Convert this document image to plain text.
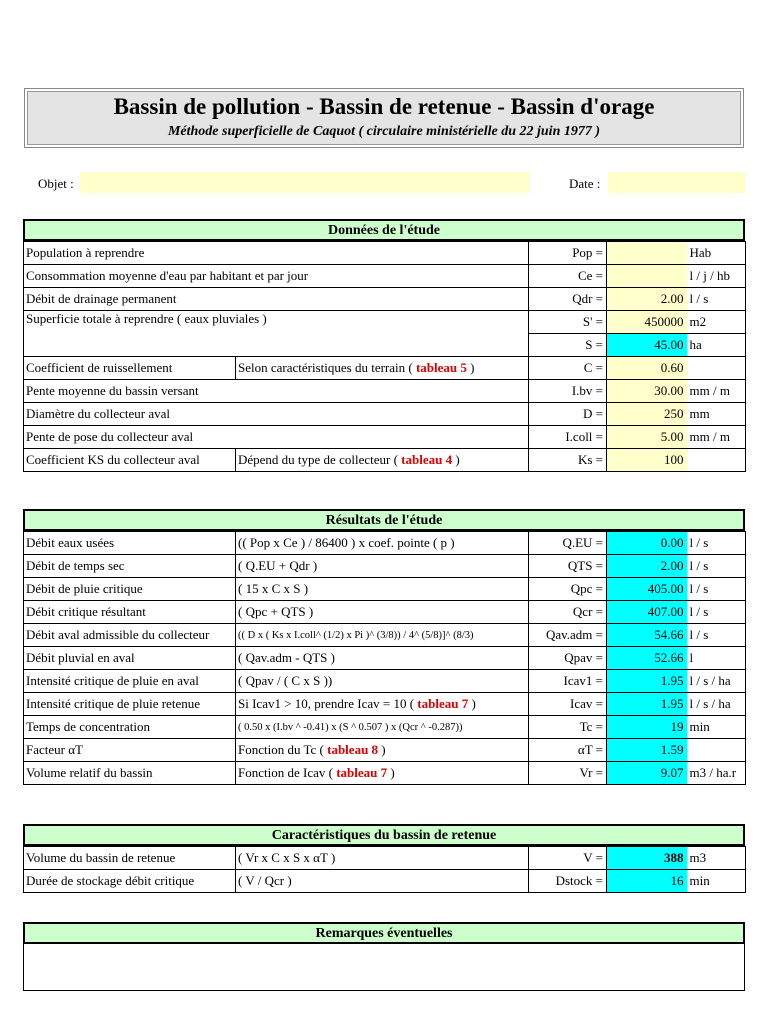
Bassin de pollution - Bassin de retenue - Bassin d'orage
Méthode superficielle de Caquot ( circulaire ministérielle du 22 juin 1977 )
Objet :	Date :
Données de l'étude
Population à reprendre		Pop =		Hab
Consommation moyenne d'eau par habitant et par jour		Ce =		l / j / hb
Débit de drainage permanent		Qdr =	2.00	l / s
Superficie totale à reprendre ( eaux pluviales )		S' =	450000	m2
		S =	45.00	ha
Coefficient de ruissellement	Selon caractéristiques du terrain ( tableau 5 )	C =	0.60	
Pente moyenne du bassin versant		I.bv =	30.00	mm / m
Diamètre du collecteur aval		D =	250	mm
Pente de pose du collecteur aval		I.coll =	5.00	mm / m
Coefficient KS du collecteur aval	Dépend du type de collecteur ( tableau 4 )	Ks =	100	
Résultats de l'étude
Débit eaux usées	(( Pop x Ce ) / 86400 ) x coef. pointe ( p )	Q.EU =	0.00	l / s
Débit de temps sec	( Q.EU + Qdr )	QTS =	2.00	l / s
Débit de pluie critique	( 15 x C x S )	Qpc =	405.00	l / s
Débit critique résultant	( Qpc + QTS )	Qcr =	407.00	l / s
Débit aval admissible du collecteur	(( D x ( Ks x I.coll^ (1/2) x Pi )^ (3/8)) / 4^ (5/8)]^ (8/3)	Qav.adm =	54.66	l / s
Débit pluvial en aval	( Qav.adm - QTS )	Qpav =	52.66	l
Intensité critique de pluie en aval	( Qpav / ( C x S ))	Icav1 =	1.95	l / s / ha
Intensité critique de pluie retenue	Si Icav1 > 10, prendre Icav = 10 ( tableau 7 )	Icav =	1.95	l / s / ha
Temps de concentration	( 0.50 x (I.bv ^ -0.41) x (S ^ 0.507 ) x (Qcr ^ -0.287))	Tc =	19	min
Facteur αT	Fonction du Tc ( tableau 8 )	αT =	1.59	
Volume relatif du bassin	Fonction de Icav ( tableau 7 )	Vr =	9.07	m3 / ha.r
Caractéristiques du bassin de retenue
Volume du bassin de retenue	( Vr x C x S x αT )	V =	388	m3
Durée de stockage débit critique	( V / Qcr )	Dstock =	16	min
Remarques éventuelles
